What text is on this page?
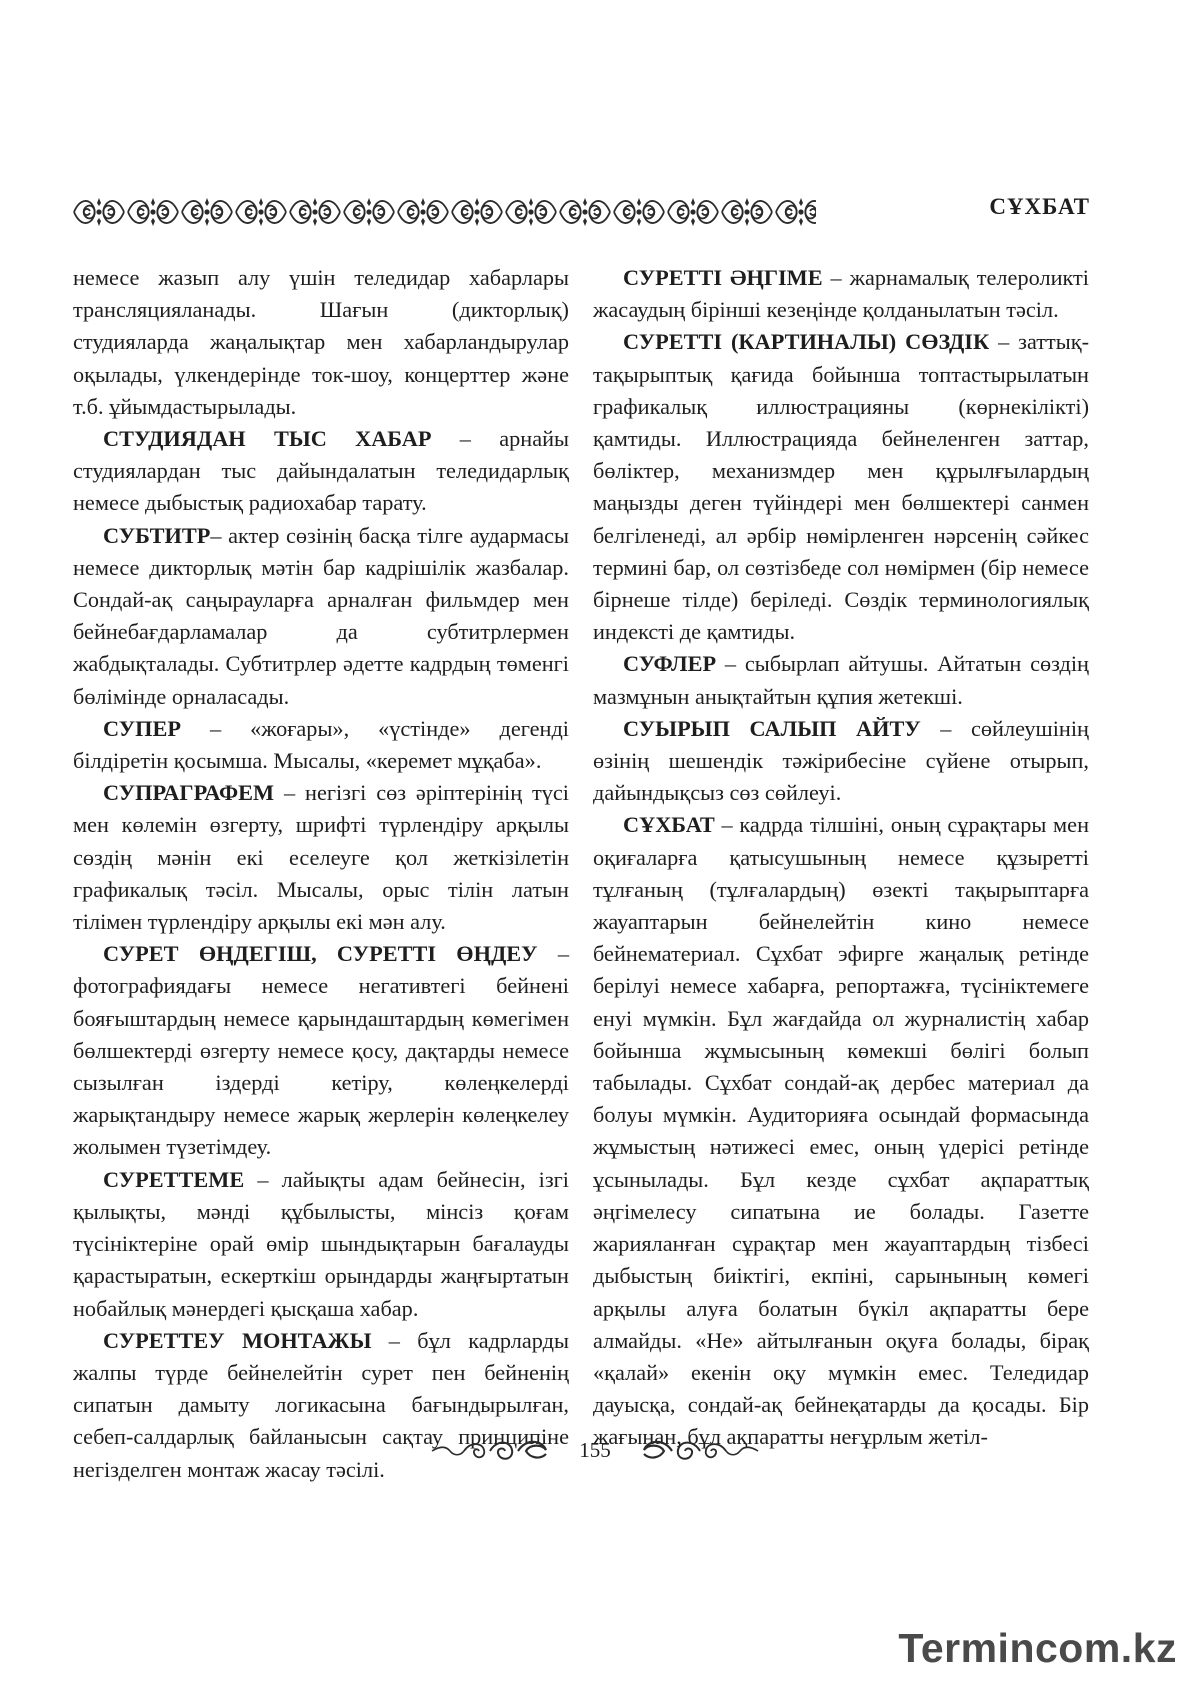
СҰХБАТ

немесе жазып алу үшін теледидар хабарлары трансляцияланады. Шағын (дикторлық) студияларда жаңалықтар мен хабарландырулар оқылады, үлкендерінде ток-шоу, концерттер және т.б. ұйымдастырылады.

СТУДИЯДАН ТЫС ХАБАР – арнайы студиялардан тыс дайындалатын теледидарлық немесе дыбыстық радиохабар тарату.

СУБТИТР– актер сөзінің басқа тілге аудармасы немесе дикторлық мәтін бар кадрішілік жазбалар. Сондай-ақ саңырауларға арналған фильмдер мен бейнебағдарламалар да субтитрлермен жабдықталады. Субтитрлер әдетте кадрдың төменгі бөлімінде орналасады.

СУПЕР – «жоғары», «үстінде» дегенді білдіретін қосымша. Мысалы, «керемет мұқаба».

СУПРАГРАФЕМ – негізгі сөз әріптерінің түсі мен көлемін өзгерту, шрифті түрлендіру арқылы сөздің мәнін екі еселеуге қол жеткізілетін графикалық тәсіл. Мысалы, орыс тілін латын тілімен түрлендіру арқылы екі мән алу.

СУРЕТ ӨҢДЕГІШ, СУРЕТТІ ӨҢДЕУ – фотографиядағы немесе негативтегі бейнені бояғыштардың немесе қарындаштардың көмегімен бөлшектерді өзгерту немесе қосу, дақтарды немесе сызылған іздерді кетіру, көлеңкелерді жарықтандыру немесе жарық жерлерін көлеңкелеу жолымен түзетімдеу.

СУРЕТТЕМЕ – лайықты адам бейнесін, ізгі қылықты, мәнді құбылысты, мінсіз қоғам түсініктеріне орай өмір шындықтарын бағалауды қарастыратын, ескерткіш орындарды жаңғыртатын нобайлық мәнердегі қысқаша хабар.

СУРЕТТЕУ МОНТАЖЫ – бұл кадрларды жалпы түрде бейнелейтін сурет пен бейненің сипатын дамыту логикасына бағындырылған, себеп-салдарлық байланысын сақтау принципіне негізделген монтаж жасау тәсілі.

СУРЕТТІ ӘҢГІМЕ – жарнамалық телероликті жасаудың бірінші кезеңінде қолданылатын тәсіл.

СУРЕТТІ (КАРТИНАЛЫ) СӨЗДІК – заттық-тақырыптық қағида бойынша топтастырылатын графикалық иллюстрацияны (көрнекілікті) қамтиды. Иллюстрацияда бейнеленген заттар, бөліктер, механизмдер мен құрылғылардың маңызды деген түйіндері мен бөлшектері санмен белгіленеді, ал әрбір нөмірленген нәрсенің сәйкес термині бар, ол сөзтізбеде сол нөмірмен (бір немесе бірнеше тілде) беріледі. Сөздік терминологиялық индексті де қамтиды.

СУФЛЕР – сыбырлап айтушы. Айтатын сөздің мазмұнын анықтайтын құпия жетекші.

СУЫРЫП САЛЫП АЙТУ – сөйлеушінің өзінің шешендік тәжірибесіне сүйене отырып, дайындықсыз сөз сөйлеуі.

СҰХБАТ – кадрда тілшіні, оның сұрақтары мен оқиғаларға қатысушының немесе құзыретті тұлғаның (тұлғалардың) өзекті тақырыптарға жауаптарын бейнелейтін кино немесе бейнематериал. Сұхбат эфирге жаңалық ретінде берілуі немесе хабарға, репортажға, түсініктемеге енуі мүмкін. Бұл жағдайда ол журналистің хабар бойынша жұмысының көмекші бөлігі болып табылады. Сұхбат сондай-ақ дербес материал да болуы мүмкін. Аудиторияға осындай формасында жұмыстың нәтижесі емес, оның үдерісі ретінде ұсынылады. Бұл кезде сұхбат ақпараттық әңгімелесу сипатына ие болады. Газетте жарияланған сұрақтар мен жауаптардың тізбесі дыбыстың биіктігі, екпіні, сарынының көмегі арқылы алуға болатын бүкіл ақпаратты бере алмайды. «Не» айтылғанын оқуға болады, бірақ «қалай» екенін оқу мүмкін емес. Теледидар дауысқа, сондай-ақ бейнеқатарды да қосады. Бір жағынан, бұл ақпаратты неғұрлым жетіл-

155
Termincom.kz
